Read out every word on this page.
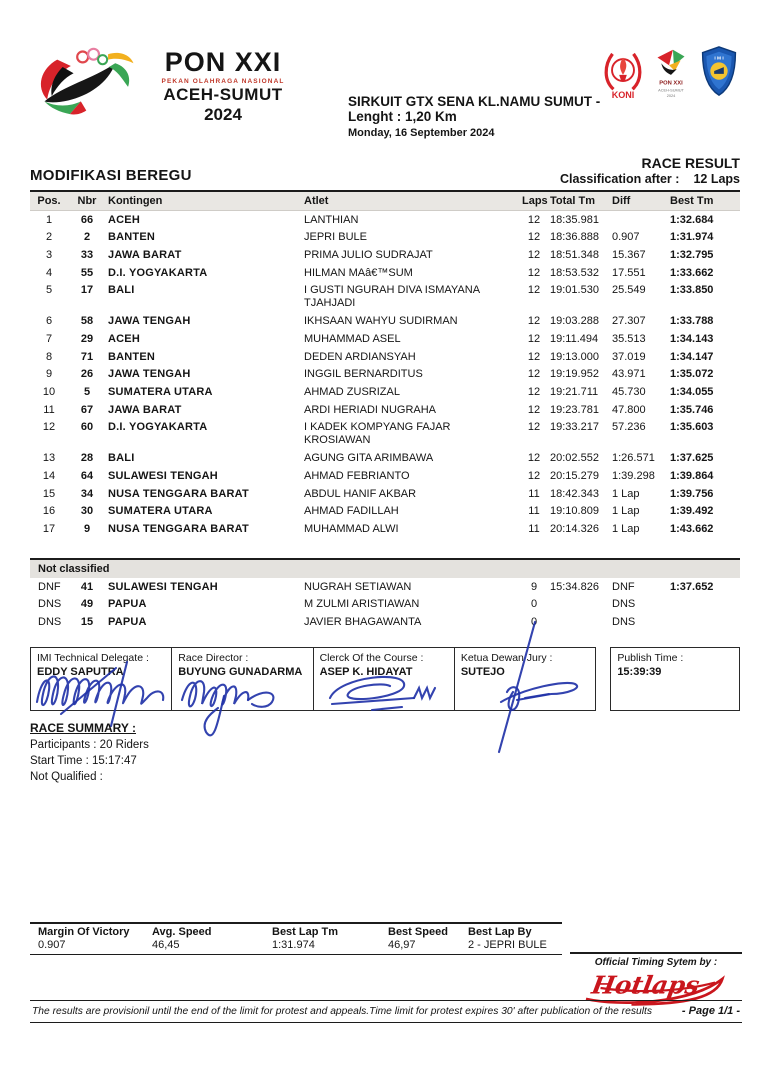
PON XXI
PEKAN OLAHRAGA NASIONAL
ACEH-SUMUT
2024
SIRKUIT GTX SENA KL.NAMU SUMUT - Lenght : 1,20 Km
Monday, 16 September 2024
KONI
PON XXI
ACEH-SUMUT
2024
I M I
MODIFIKASI BEREGU
RACE RESULT
Classification after : 12 Laps
Pos.	Nbr	Kontingen	Atlet	Laps	Total Tm	Diff	Best Tm
1	66	ACEH	LANTHIAN	12	18:35.981		1:32.684
2	2	BANTEN	JEPRI BULE	12	18:36.888	0.907	1:31.974
3	33	JAWA BARAT	PRIMA JULIO SUDRAJAT	12	18:51.348	15.367	1:32.795
4	55	D.I. YOGYAKARTA	HILMAN MAâ€™SUM	12	18:53.532	17.551	1:33.662
5	17	BALI	I GUSTI NGURAH DIVA ISMAYANA TJAHJADI	12	19:01.530	25.549	1:33.850
6	58	JAWA TENGAH	IKHSAAN WAHYU SUDIRMAN	12	19:03.288	27.307	1:33.788
7	29	ACEH	MUHAMMAD ASEL	12	19:11.494	35.513	1:34.143
8	71	BANTEN	DEDEN ARDIANSYAH	12	19:13.000	37.019	1:34.147
9	26	JAWA TENGAH	INGGIL BERNARDITUS	12	19:19.952	43.971	1:35.072
10	5	SUMATERA UTARA	AHMAD ZUSRIZAL	12	19:21.711	45.730	1:34.055
11	67	JAWA BARAT	ARDI HERIADI NUGRAHA	12	19:23.781	47.800	1:35.746
12	60	D.I. YOGYAKARTA	I KADEK KOMPYANG FAJAR KROSIAWAN	12	19:33.217	57.236	1:35.603
13	28	BALI	AGUNG GITA ARIMBAWA	12	20:02.552	1:26.571	1:37.625
14	64	SULAWESI TENGAH	AHMAD FEBRIANTO	12	20:15.279	1:39.298	1:39.864
15	34	NUSA TENGGARA BARAT	ABDUL HANIF AKBAR	11	18:42.343	1 Lap	1:39.756
16	30	SUMATERA UTARA	AHMAD FADILLAH	11	19:10.809	1 Lap	1:39.492
17	9	NUSA TENGGARA BARAT	MUHAMMAD ALWI	11	20:14.326	1 Lap	1:43.662
Not classified
DNF	41	SULAWESI TENGAH	NUGRAH SETIAWAN	9	15:34.826	DNF	1:37.652
DNS	49	PAPUA	M ZULMI ARISTIAWAN	0		DNS	
DNS	15	PAPUA	JAVIER BHAGAWANTA	0		DNS	
IMI Technical Delegate :
EDDY SAPUTRA
Race Director :
BUYUNG GUNADARMA
Clerck Of the Course :
ASEP K. HIDAYAT
Ketua Dewan Jury :
SUTEJO
Publish Time :
15:39:39
RACE SUMMARY :
Participants : 20 Riders
Start Time : 15:17:47
Not Qualified :
Margin Of Victory	Avg. Speed	Best Lap Tm	Best Speed	Best Lap By
0.907	46,45	1:31.974	46,97	2 - JEPRI BULE
Official Timing Sytem by :
Hotlaps
The results are provisionil until the end of the limit for protest and appeals.Time limit for protest expires 30' after publication of the results	- Page 1/1 -
